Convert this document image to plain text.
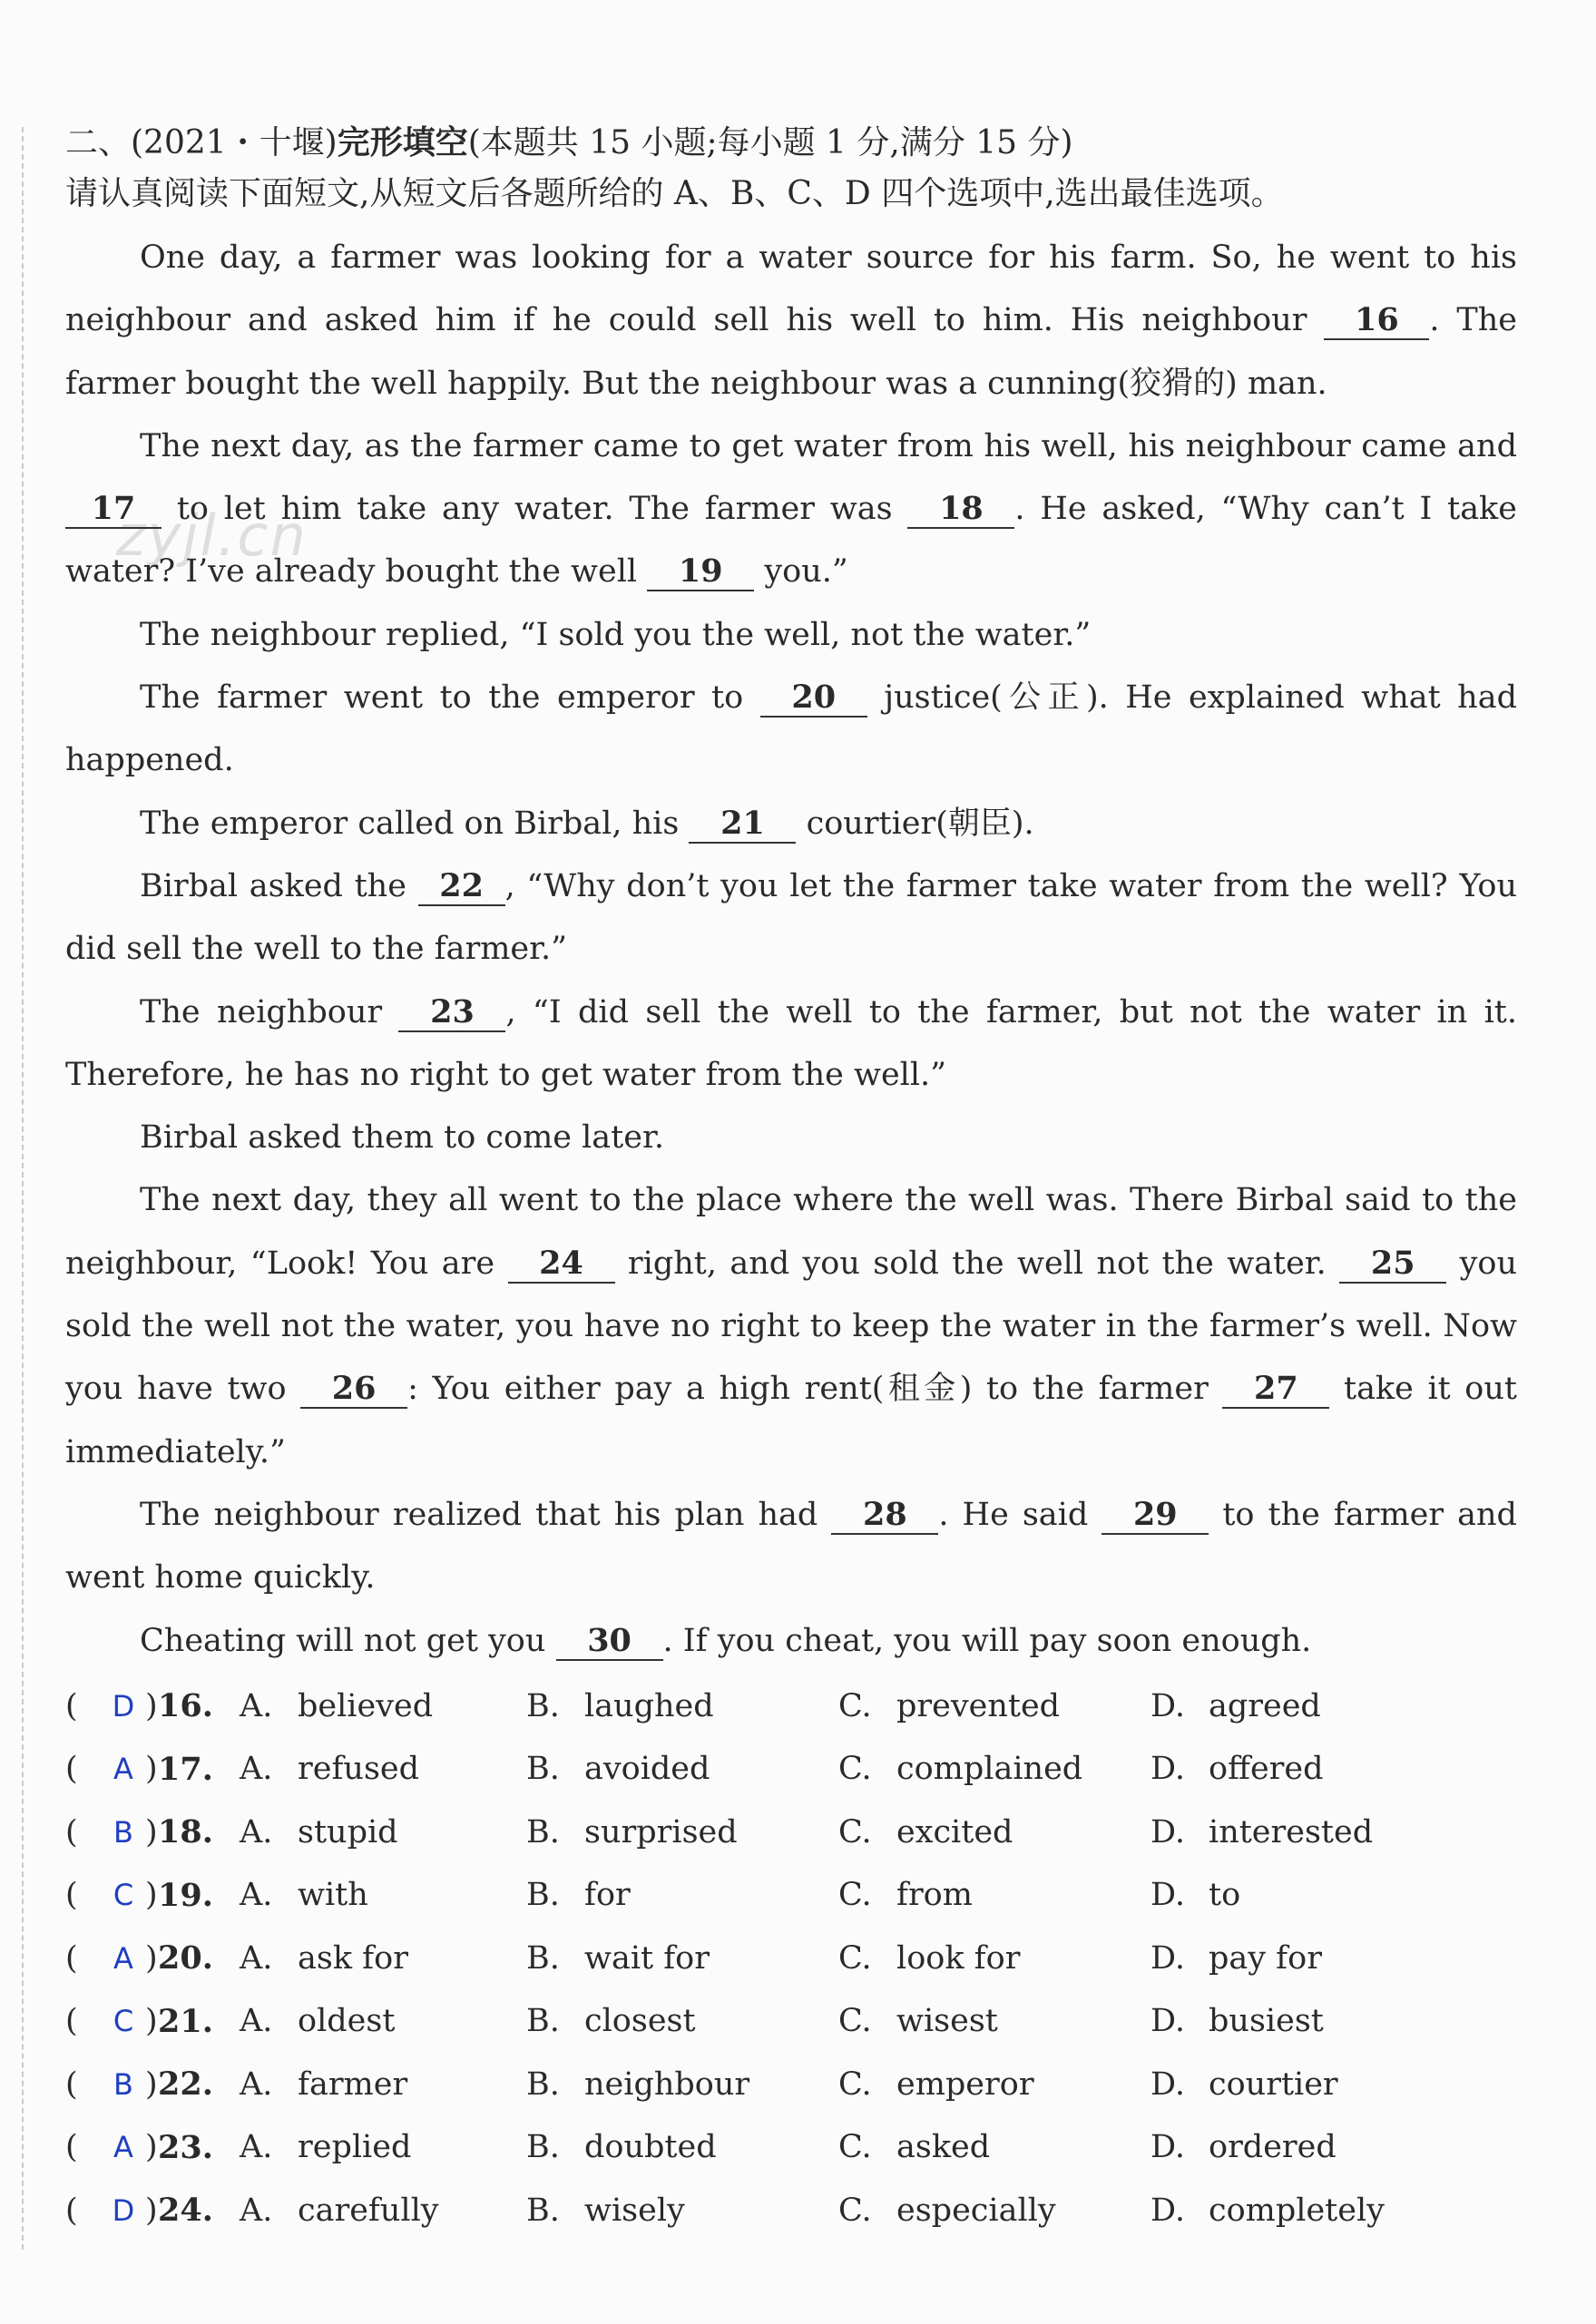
zyjl.cn
二、(2021・十堰)完形填空(本题共 15 小题;每小题 1 分,满分 15 分)
请认真阅读下面短文,从短文后各题所给的 A、B、C、D 四个选项中,选出最佳选项。

One day, a farmer was looking for a water source for his farm. So, he went to his neighbour and asked him if he could sell his well to him. His neighbour 16 . The farmer bought the well happily. But the neighbour was a cunning(狡猾的) man.

The next day, as the farmer came to get water from his well, his neighbour came and 17 to let him take any water. The farmer was 18 . He asked, “Why can’t I take water? I’ve already bought the well 19 you.”

The neighbour replied, “I sold you the well, not the water.”

The farmer went to the emperor to 20 justice(公正). He explained what had happened.

The emperor called on Birbal, his 21 courtier(朝臣).

Birbal asked the 22 , “Why don’t you let the farmer take water from the well? You did sell the well to the farmer.”

The neighbour 23 , “I did sell the well to the farmer, but not the water in it. Therefore, he has no right to get water from the well.”

Birbal asked them to come later.

The next day, they all went to the place where the well was. There Birbal said to the neighbour, “Look! You are 24 right, and you sold the well not the water. 25 you sold the well not the water, you have no right to keep the water in the farmer’s well. Now you have two 26 : You either pay a high rent(租金) to the farmer 27 take it out immediately.”

The neighbour realized that his plan had 28 . He said 29 to the farmer and went home quickly.

Cheating will not get you 30 . If you cheat, you will pay soon enough.

(	D ) 16. A. believed	B. laughed	C. prevented	D. agreed
(	A ) 17. A. refused	B. avoided	C. complained D. offered
(	B ) 18. A. stupid	B. surprised	C. excited	D. interested
(	C ) 19. A. with	B. for	C. from	D. to
(	A ) 20. A. ask for	B. wait for	C. look for	D. pay for
(	C ) 21. A. oldest	B. closest	C. wisest	D. busiest
(	B ) 22. A. farmer	B. neighbour	C. emperor	D. courtier
(	A ) 23. A. replied	B. doubted	C. asked	D. ordered
(	D ) 24. A. carefully	B. wisely	C. especially	D. completely
